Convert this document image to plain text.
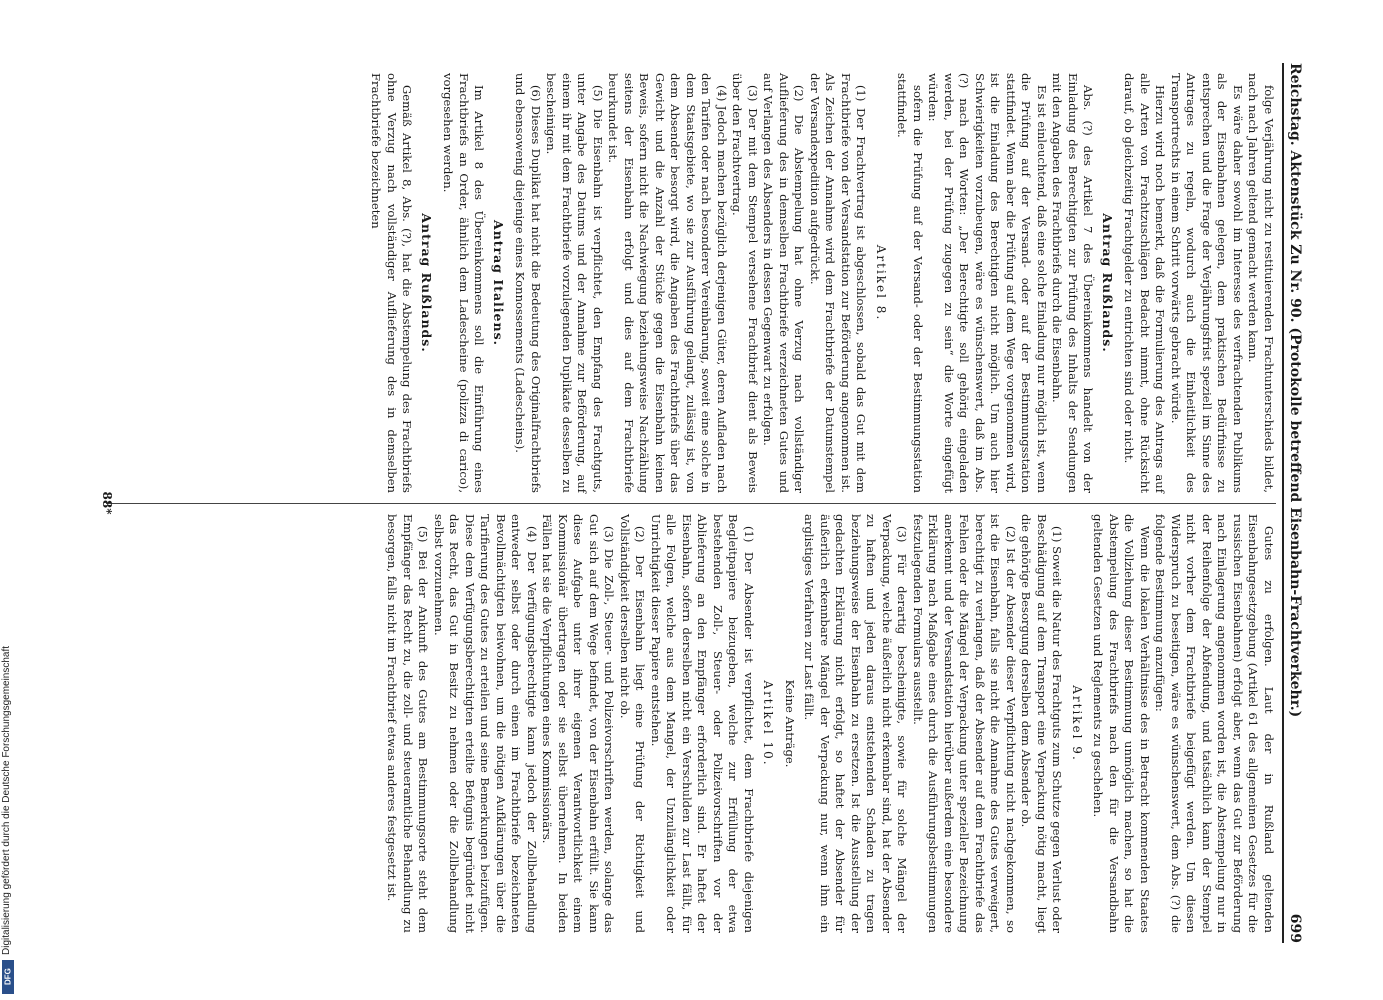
Digitalisierung gefördert durch die Deutsche Forschungsgemeinschaft
DFG
Reichstag. Aktenstück Zu Nr. 90. (Protokolle betreffend Eisenbahn-Frachtverkehr.)
699

folge Verjährung nicht zu restituierenden Frachtunterschieds bildet, nach nach Jahren geltend gemacht werden kann.

Es wäre daher sowohl im Interesse des verfrachtenden Publikums als der Eisenbahnen gelegen, dem praktischen Bedürfnisse zu entsprechen und die Frage der Verjährungsfrist speziell im Sinne des Antrages zu regeln, wodurch auch die Einheitlichkeit des Transportrechts in einem Schritt vorwärts gebracht würde.

Hierzu wird noch bemerkt, daß die Formulierung des Antrags auf alle Arten von Frachtzuschlägen Bedacht nimmt, ohne Rücksicht darauf, ob gleichzeitig Frachtgelder zu entrichten sind oder nicht.

Antrag Rußlands.

Abs. (?) des Artikel 7 des Übereinkommens handelt von der Einladung des Berechtigten zur Prüfung des Inhalts der Sendungen mit den Angaben des Frachtbriefs durch die Eisenbahn.

Es ist einleuchtend, daß eine solche Einladung nur möglich ist, wenn die Prüfung auf der Versand- oder auf der Bestimmungsstation stattfindet. Wenn aber die Prüfung auf dem Wege vorgenommen wird, ist die Einladung des Berechtigten nicht möglich. Um auch hier Schwierigkeiten vorzubeugen, wäre es wünschenswert, daß im Abs. (?) nach den Worten: „Der Berechtigte soll gehörig eingeladen werden, bei der Prüfung zugegen zu sein“ die Worte eingefügt würden:

sofern die Prüfung auf der Versand- oder der Bestimmungsstation stattfindet.

Artikel 8.

(1) Der Frachtvertrag ist abgeschlossen, sobald das Gut mit dem Frachtbriefe von der Versandstation zur Beförderung angenommen ist. Als Zeichen der Annahme wird dem Frachtbriefe der Datumstempel der Versandexpedition aufgedrückt.

(2) Die Abstempelung hat ohne Verzug nach vollständiger Auflieferung des in demselben Frachtbriefe verzeichneten Gutes und auf Verlangen des Absenders in dessen Gegenwart zu erfolgen.

(3) Der mit dem Stempel versehene Frachtbrief dient als Beweis über den Frachtvertrag.

(4) Jedoch machen bezüglich derjenigen Güter, deren Aufladen nach den Tarifen oder nach besonderer Vereinbarung, soweit eine solche in dem Staatsgebiete, wo sie zur Ausführung gelangt, zulässig ist, von dem Absender besorgt wird, die Angaben des Frachtbriefs über das Gewicht und die Anzahl der Stücke gegen die Eisenbahn keinen Beweis, sofern nicht die Nachwiegung beziehungsweise Nachzählung seitens der Eisenbahn erfolgt und dies auf dem Frachtbriefe beurkundet ist.

(5) Die Eisenbahn ist verpflichtet, den Empfang des Frachtguts, unter Angabe des Datums und der Annahme zur Beförderung, auf einem ihr mit dem Frachtbriefe vorzulegenden Duplikate desselben zu bescheinigen.

(6) Dieses Duplikat hat nicht die Bedeutung des Originalfrachtbriefs und ebensowenig diejenige eines Konnossements (Ladescheins).

Antrag Italiens.

Im Artikel 8 des Übereinkommens soll die Einführung eines Frachtbriefs an Order, ähnlich dem Ladescheine (polizza di carico), vorgesehen werden.

Antrag Rußlands.

Gemäß Artikel 8, Abs. (?), hat die Abstempelung des Frachtbriefs ohne Verzug nach vollständiger Auflieferung des in demselben Frachtbriefe bezeichneten

Gutes zu erfolgen. Laut der in Rußland geltenden Eisenbahngesetzgebung (Artikel 61 des allgemeinen Gesetzes für die russischen Eisenbahnen) erfolgt aber, wenn das Gut zur Beförderung nach Einlagerung angenommen worden ist, die Abstempelung nur in der Reihenfolge der Abfendung, und tatsächlich kann der Stempel nicht vorher dem Frachtbriefe beigefügt werden. Um diesen Widerspruch zu beseitigen, wäre es wünschenswert, dem Abs. (?) die folgende Bestimmung anzufügen:

Wenn die lokalen Verhältnisse des in Betracht kommenden Staates die Vollziehung dieser Bestimmung unmöglich machen, so hat die Abstempelung des Frachtbriefs nach den für die Versandbahn geltenden Gesetzen und Reglements zu geschehen.

Artikel 9.

(1) Soweit die Natur des Frachtguts zum Schutze gegen Verlust oder Beschädigung auf dem Transport eine Verpackung nötig macht, liegt die gehörige Besorgung derselben dem Absender ob.

(2) Ist der Absender dieser Verpflichtung nicht nachgekommen, so ist die Eisenbahn, falls sie nicht die Annahme des Gutes verweigert, berechtigt zu verlangen, daß der Absender auf dem Frachtbriefe das Fehlen oder die Mängel der Verpackung unter spezieller Bezeichnung anerkennt und der Versandstation hierüber außerdem eine besondere Erklärung nach Maßgabe eines durch die Ausführungsbestimmungen festzulegenden Formulars ausstellt.

(3) Für derartig bescheinigte, sowie für solche Mängel der Verpackung, welche äußerlich nicht erkennbar sind, hat der Absender zu haften und jeden daraus entstehenden Schaden zu tragen beziehungsweise der Eisenbahn zu ersetzen. Ist die Ausstellung der gedachten Erklärung nicht erfolgt, so haftet der Absender für äußerlich erkennbare Mängel der Verpackung nur, wenn ihm ein arglistiges Verfahren zur Last fällt.

Keine Anträge.
Artikel 10.

(1) Der Absender ist verpflichtet, dem Frachtbriefe diejenigen Begleitpapiere beizugeben, welche zur Erfüllung der etwa bestehenden Zoll-, Steuer- oder Polizeivorschriften vor der Ablieferung an den Empfänger erforderlich sind. Er haftet der Eisenbahn, sofern derselben nicht ein Verschulden zur Last fällt, für alle Folgen, welche aus dem Mangel, der Unzulänglichkeit oder Unrichtigkeit dieser Papiere entstehen.

(2) Der Eisenbahn liegt eine Prüfung der Richtigkeit und Vollständigkeit derselben nicht ob.

(3) Die Zoll-, Steuer- und Polizeivorschriften werden, solange das Gut sich auf dem Wege befindet, von der Eisenbahn erfüllt. Sie kann diese Aufgabe unter ihrer eigenen Verantwortlichkeit einem Kommissionär übertragen oder sie selbst übernehmen. In beiden Fällen hat sie die Verpflichtungen eines Kommissionärs.

(4) Der Verfügungsberechtigte kann jedoch der Zollbehandlung entweder selbst oder durch einen im Frachtbriefe bezeichneten Bevollmächtigten beiwohnen, um die nötigen Aufklärungen über die Tarifierung des Gutes zu erteilen und seine Bemerkungen beizufügen. Diese dem Verfügungsberechtigten erteilte Befugnis begründet nicht das Recht, das Gut in Besitz zu nehmen oder die Zollbehandlung selbst vorzunehmen.

(5) Bei der Ankunft des Gutes am Bestimmungsorte steht dem Empfänger das Recht zu, die zoll- und steueramtliche Behandlung zu besorgen, falls nicht im Frachtbrief etwas anderes festgesetzt ist.

88*
